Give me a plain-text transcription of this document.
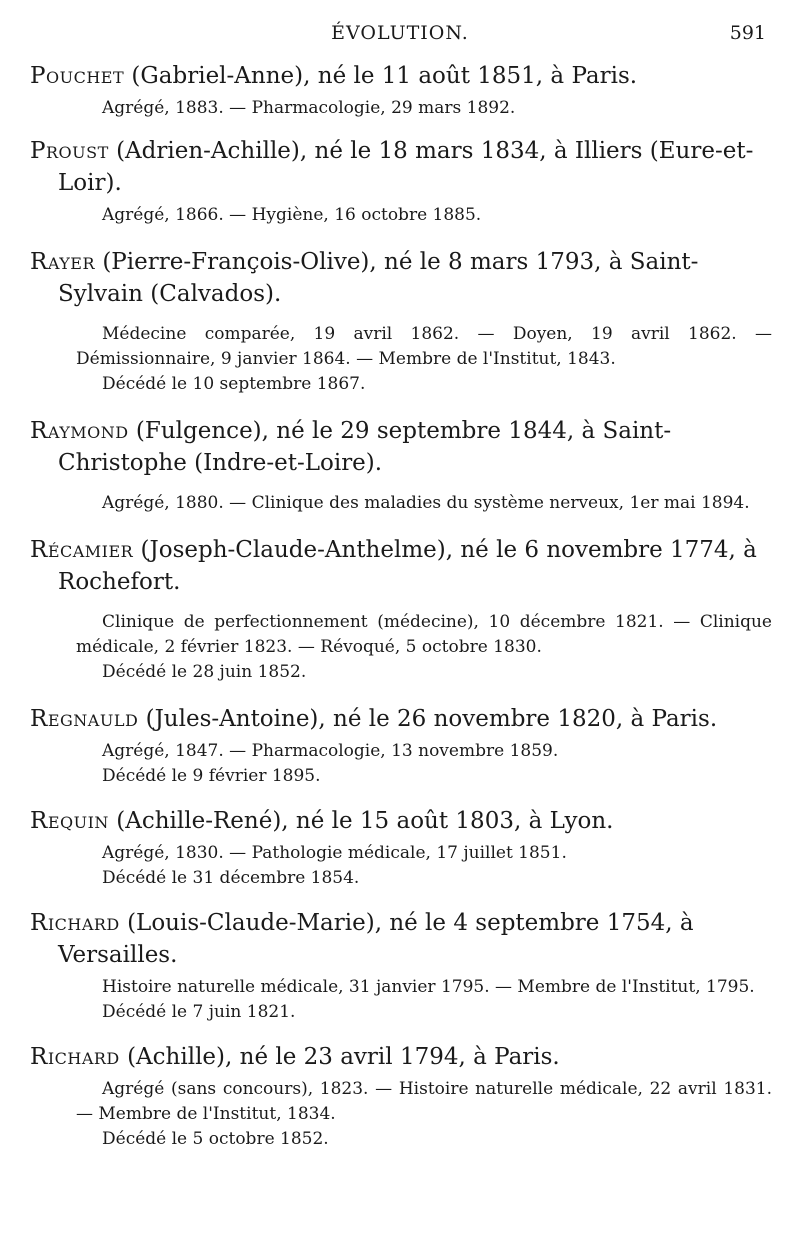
ÉVOLUTION.	591
Pouchet (Gabriel-Anne), né le 11 août 1851, à Paris.

Agrégé, 1883. — Pharmacologie, 29 mars 1892.

Proust (Adrien-Achille), né le 18 mars 1834, à Illiers (Eure-et-Loir).

Agrégé, 1866. — Hygiène, 16 octobre 1885.

Rayer (Pierre-François-Olive), né le 8 mars 1793, à Saint-Sylvain (Calvados).

Médecine comparée, 19 avril 1862. — Doyen, 19 avril 1862. — Démissionnaire, 9 janvier 1864. — Membre de l'Institut, 1843.

Décédé le 10 septembre 1867.

Raymond (Fulgence), né le 29 septembre 1844, à Saint-Christophe (Indre-et-Loire).

Agrégé, 1880. — Clinique des maladies du système nerveux, 1er mai 1894.

Récamier (Joseph-Claude-Anthelme), né le 6 novembre 1774, à Rochefort.

Clinique de perfectionnement (médecine), 10 décembre 1821. — Clinique médicale, 2 février 1823. — Révoqué, 5 octobre 1830.

Décédé le 28 juin 1852.

Regnauld (Jules-Antoine), né le 26 novembre 1820, à Paris.

Agrégé, 1847. — Pharmacologie, 13 novembre 1859.

Décédé le 9 février 1895.

Requin (Achille-René), né le 15 août 1803, à Lyon.

Agrégé, 1830. — Pathologie médicale, 17 juillet 1851.

Décédé le 31 décembre 1854.

Richard (Louis-Claude-Marie), né le 4 septembre 1754, à Versailles.

Histoire naturelle médicale, 31 janvier 1795. — Membre de l'Institut, 1795.

Décédé le 7 juin 1821.

Richard (Achille), né le 23 avril 1794, à Paris.

Agrégé (sans concours), 1823. — Histoire naturelle médicale, 22 avril 1831. — Membre de l'Institut, 1834.

Décédé le 5 octobre 1852.
